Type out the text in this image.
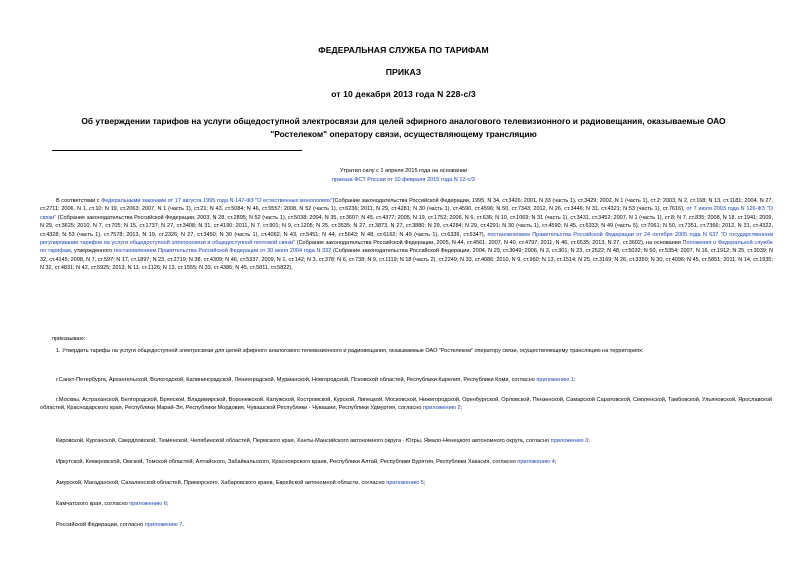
ФЕДЕРАЛЬНАЯ СЛУЖБА ПО ТАРИФАМ
ПРИКАЗ
от 10 декабря 2013 года N 228-с/3
Об утверждении тарифов на услуги общедоступной электросвязи для целей эфирного аналогового телевизионного и радиовещания, оказываемые ОАО
"Ростелеком" оператору связи, осуществляющему трансляцию
Утратил силу с 1 апреля 2015 года на основании
приказа ФСТ России от 10 февраля 2015 года N 12-с/3

В соответствии с Федеральными законами от 17 августа 1995 года N 147-ФЗ "О естественных монополиях"(Собрание законодательства Российской Федерации, 1995, N 34, ст.3426; 2001, N 33 (часть 1), ст.3429; 2002, N 1 (часть 1), ст.2; 2003, N 2, ст.168; N 13, ст.1181; 2004, N 27, ст.2711; 2006, N 1, ст.10; N 19, ст.2063; 2007, N 1 (часть 1), ст.21; N 43, ст.5084; N 46, ст.5557; 2008, N 52 (часть 1), ст.6236; 2011, N 29, ст.4281; N 30 (часть 1), ст.4590, ст.4596; N 50, ст.7343; 2012, N 26, ст.3446; N 31, ст.4321; N 53 (часть 1), ст.7616), от 7 июля 2003 года N 126-ФЗ "О связи" (Собрание законодательства Российской Федерации, 2003, N 28, ст.2895; N 52 (часть 1), ст.5038; 2004, N 35, ст.3607; N 45, ст.4377; 2005, N 19, ст.1752; 2006, N 6, ст.636; N 10, ст.1069; N 31 (часть 1), ст.3431, ст.3452; 2007, N 1 (часть 1), ст.8; N 7, ст.835; 2008, N 18, ст.1941; 2009, N 29, ст.3625; 2010, N 7, ст.705; N 15, ст.1737; N 27, ст.3408; N 31, ст.4190; 2011, N 7, ст.901; N 9, ст.1205; N 25, ст.3535; N 27, ст.3873, N 27, ст.3880; N 29, ст.4284; N 29, ст.4291; N 30 (часть 1), ст.4590; N 45, ст.6333; N 49 (часть 5), ст.7061; N 50, ст.7351, ст.7366; 2012, N 31, ст.4322, ст.4328; N 53 (часть 1), ст.7578; 2013, N 19, ст.2326; N 27, ст.3450; N 30 (часть 1), ст.4062; N 43, ст.5451; N 44, ст.5643; N 48, ст.6162; N 49 (часть 1), ст.6339, ст.6347), постановлением Правительства Российской Федерации от 24 октября 2005 года N 637 "О государственном регулировании тарифов на услуги общедоступной электросвязи и общедоступной почтовой связи" (Собрание законодательства Российской Федерации, 2005, N 44, ст.4561; 2007, N 40, ст.4797; 2011, N 46, ст.6535; 2013, N 27, ст.3602), на основании Положения о Федеральной службе по тарифам, утвержденного постановлением Правительства Российской Федерации от 30 июня 2004 года N 332 (Собрание законодательства Российской Федерации, 2004, N 29, ст.3049; 2006, N 3, ст.301; N 23, ст.2522; N 48, ст.5032; N 50, ст.5354; 2007, N 16, ст.1912; N 25, ст.3039; N 32, ст.4145; 2008, N 7, ст.597; N 17, ст.1897; N 23, ст.2719; N 38, ст.4309; N 46, ст.5337; 2009, N 1, ст.142; N 3, ст.378; N 6, ст.738; N 9, ст.1119; N 18 (часть 2), ст.2249; N 33, ст.4086; 2010, N 9, ст.960; N 13, ст.1514; N 25, ст.3169; N 26, ст.3350; N 30, ст.4096; N 45, ст.5851; 2011, N 14, ст.1935; N 32, ст.4831; N 42, ст.5925; 2013, N 11, ст.1126; N 13, ст.1555; N 33, ст.4386; N 45, ст.5811, ст.5822),

приказываю:

1. Утвердить тарифы на услуги общедоступной электросвязи для целей эфирного аналогового телевизионного и радиовещания, оказываемые ОАО "Ростелеком" оператору связи, осуществляющему трансляцию на территориях:

г.Санкт-Петербурга, Архангельской, Вологодской, Калининградской, Ленинградской, Мурманской, Новгородской, Псковской областей, Республики Карелия, Республики Коми, согласно приложению 1;
г.Москвы, Астраханской, Белгородской, Брянской, Владимирской, Воронежской, Калужской, Костромской, Курской, Липецкой, Московской, Нижегородской, Оренбургской, Орловской, Пензенской, Самарской Саратовской, Смоленской, Тамбовской, Ульяновской, Ярославской областей, Краснодарского края, Республики Марий-Эл, Республики Мордовия, Чувашской Республики - Чувашии, Республики Удмуртия, согласно приложению 2;
Кировской, Курганской, Свердловской, Тюменской, Челябинской областей, Пермского края, Ханты-Мансийского автономного округа - Югры, Ямало-Ненецкого автономного округа, согласно приложению 3;
Иркутской, Кемеровской, Омской, Томской областей, Алтайского, Забайкальского, Красноярского краев, Республики Алтай, Республики Бурятия, Республики Хакасия, согласно приложению 4;
Амурской, Магаданской, Сахалинской областей, Приморского, Хабаровского краев, Еврейской автономной области, согласно приложению 5;
Камчатского края, согласно приложению 6;
Российской Федерации, согласно приложению 7.
